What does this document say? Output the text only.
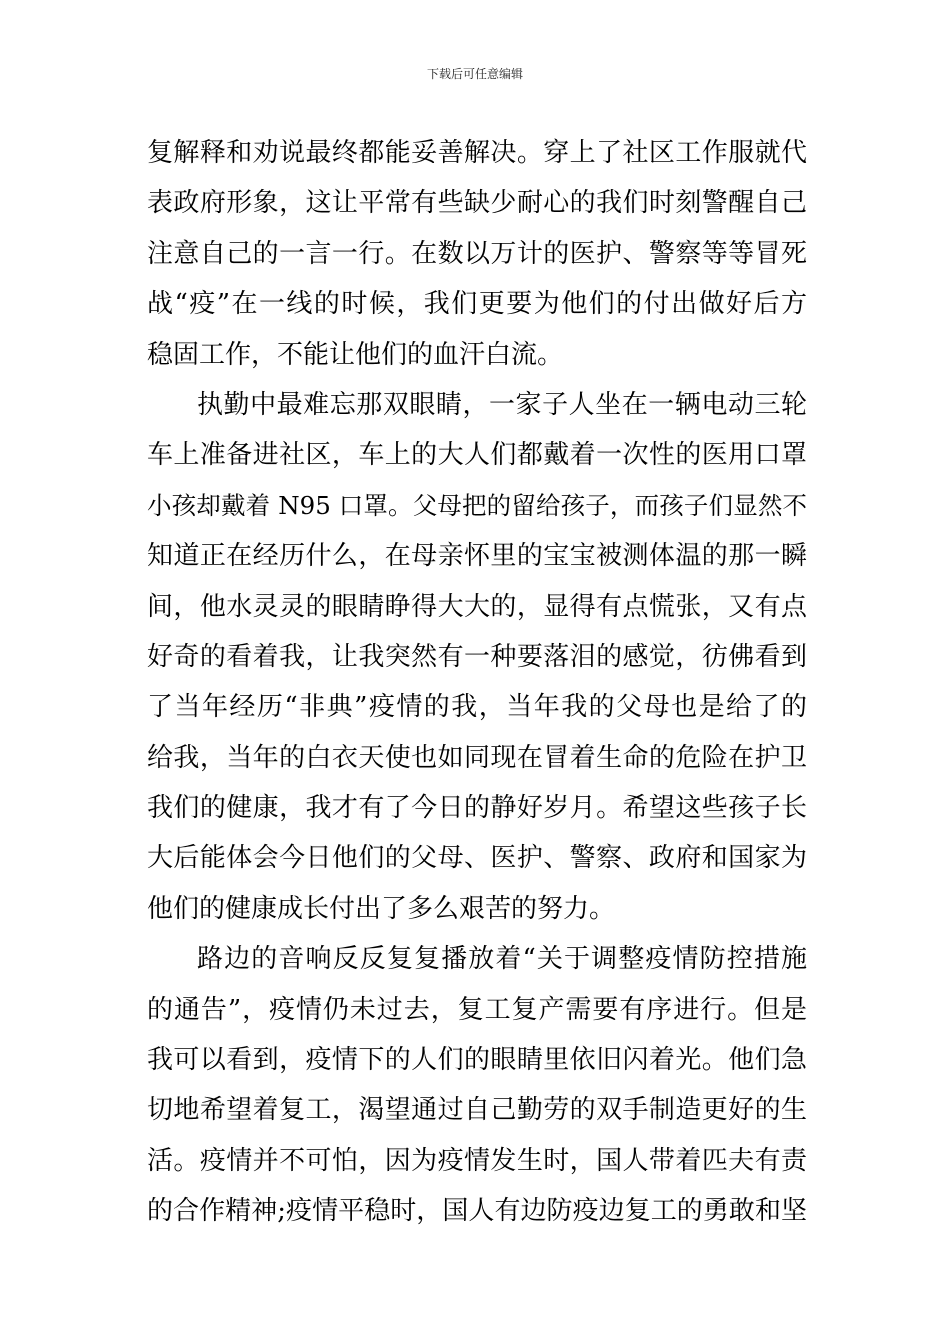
下载后可任意编辑
复解释和劝说最终都能妥善解决。穿上了社区工作服就代
表政府形象，这让平常有些缺少耐心的我们时刻警醒自己
注意自己的一言一行。在数以万计的医护、警察等等冒死
战“疫”在一线的时候，我们更要为他们的付出做好后方
稳固工作，不能让他们的血汗白流。
执勤中最难忘那双眼睛，一家子人坐在一辆电动三轮
车上准备进社区，车上的大人们都戴着一次性的医用口罩
小孩却戴着 N95 口罩。父母把的留给孩子，而孩子们显然不
知道正在经历什么，在母亲怀里的宝宝被测体温的那一瞬
间，他水灵灵的眼睛睁得大大的，显得有点慌张，又有点
好奇的看着我，让我突然有一种要落泪的感觉，彷佛看到
了当年经历“非典”疫情的我，当年我的父母也是给了的
给我，当年的白衣天使也如同现在冒着生命的危险在护卫
我们的健康，我才有了今日的静好岁月。希望这些孩子长
大后能体会今日他们的父母、医护、警察、政府和国家为
他们的健康成长付出了多么艰苦的努力。
路边的音响反反复复播放着“关于调整疫情防控措施
的通告”，疫情仍未过去，复工复产需要有序进行。但是
我可以看到，疫情下的人们的眼睛里依旧闪着光。他们急
切地希望着复工，渴望通过自己勤劳的双手制造更好的生
活。疫情并不可怕，因为疫情发生时，国人带着匹夫有责
的合作精神;疫情平稳时，国人有边防疫边复工的勇敢和坚
